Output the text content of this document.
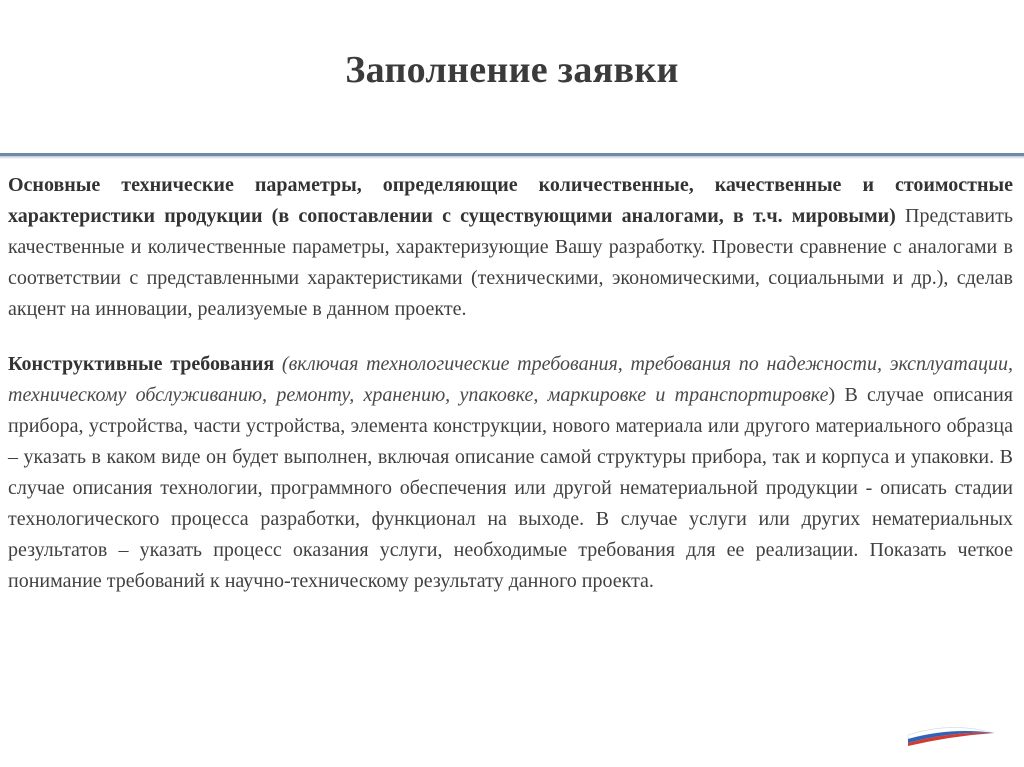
Заполнение заявки

Основные технические параметры, определяющие количественные, качественные и стоимостные характеристики продукции (в сопоставлении с существующими аналогами, в т.ч. мировыми) Представить качественные и количественные параметры, характеризующие Вашу разработку. Провести сравнение с аналогами в соответствии с представленными характеристиками (техническими, экономическими, социальными и др.), сделав акцент на инновации, реализуемые в данном проекте.

Конструктивные требования (включая технологические требования, требования по надежности, эксплуатации, техническому обслуживанию, ремонту, хранению, упаковке, маркировке и транспортировке) В случае описания прибора, устройства, части устройства, элемента конструкции, нового материала или другого материального образца – указать в каком виде он будет выполнен, включая описание самой структуры прибора, так и корпуса и упаковки. В случае описания технологии, программного обеспечения или другой нематериальной продукции - описать стадии технологического процесса разработки, функционал на выходе. В случае услуги или других нематериальных результатов – указать процесс оказания услуги, необходимые требования для ее реализации. Показать четкое понимание требований к научно-техническому результату данного проекта.
